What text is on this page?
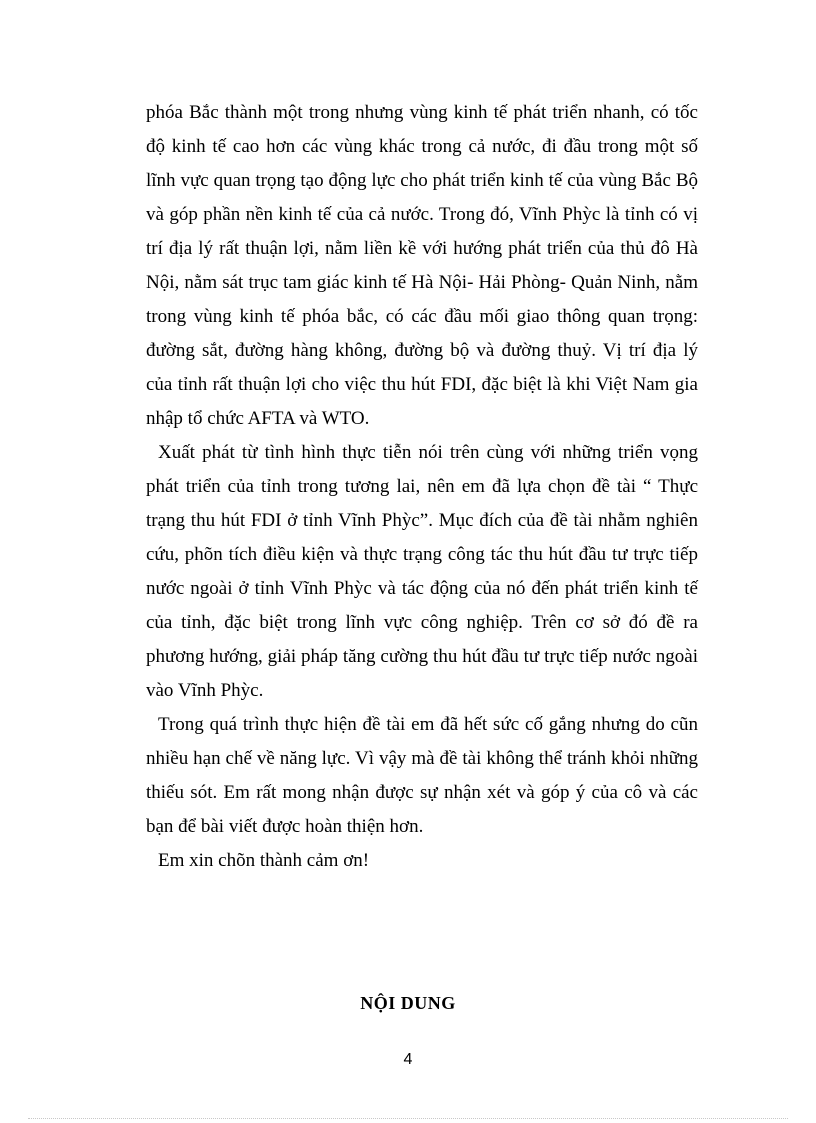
phóa Bắc thành một trong nhưng vùng kinh tế phát triển nhanh, có tốc độ kinh tế cao hơn các vùng khác trong cả nước, đi đầu trong một số lĩnh vực quan trọng tạo động lực cho phát triển kinh tế của vùng Bắc Bộ và góp phần nền kinh tế của cả nước. Trong đó, Vĩnh Phỳc là tỉnh có vị trí địa lý rất thuận lợi, nằm liền kề với hướng phát triển của thủ đô Hà Nội, nằm sát trục tam giác kinh tế Hà Nội- Hải Phòng- Quản Ninh, nằm trong vùng kinh tế phóa bắc, có các đầu mối giao thông quan trọng: đường sắt, đường hàng không, đường bộ và đường thuỷ. Vị trí địa lý của tỉnh rất thuận lợi cho việc thu hút FDI, đặc biệt là khi Việt Nam gia nhập tổ chức AFTA và WTO.

Xuất phát từ tình hình thực tiễn nói trên cùng với những triển vọng phát triển của tỉnh trong tương lai, nên em đã lựa chọn đề tài “ Thực trạng thu hút FDI ở tỉnh Vĩnh Phỳc”. Mục đích của đề tài nhằm nghiên cứu, phõn tích điều kiện và thực trạng công tác thu hút đầu tư trực tiếp nước ngoài ở tỉnh Vĩnh Phỳc và tác động của nó đến phát triển kinh tế của tỉnh, đặc biệt trong lĩnh vực công nghiệp. Trên cơ sở đó đề ra phương hướng, giải pháp tăng cường thu hút đầu tư trực tiếp nước ngoài vào Vĩnh Phỳc.

Trong quá trình thực hiện đề tài em đã hết sức cố gắng nhưng do cũn nhiều hạn chế về năng lực. Vì vậy mà đề tài không thể tránh khỏi những thiếu sót. Em rất mong nhận được sự nhận xét và góp ý của cô và các bạn để bài viết được hoàn thiện hơn.

Em xin chõn thành cảm ơn!

NỘI DUNG
4
